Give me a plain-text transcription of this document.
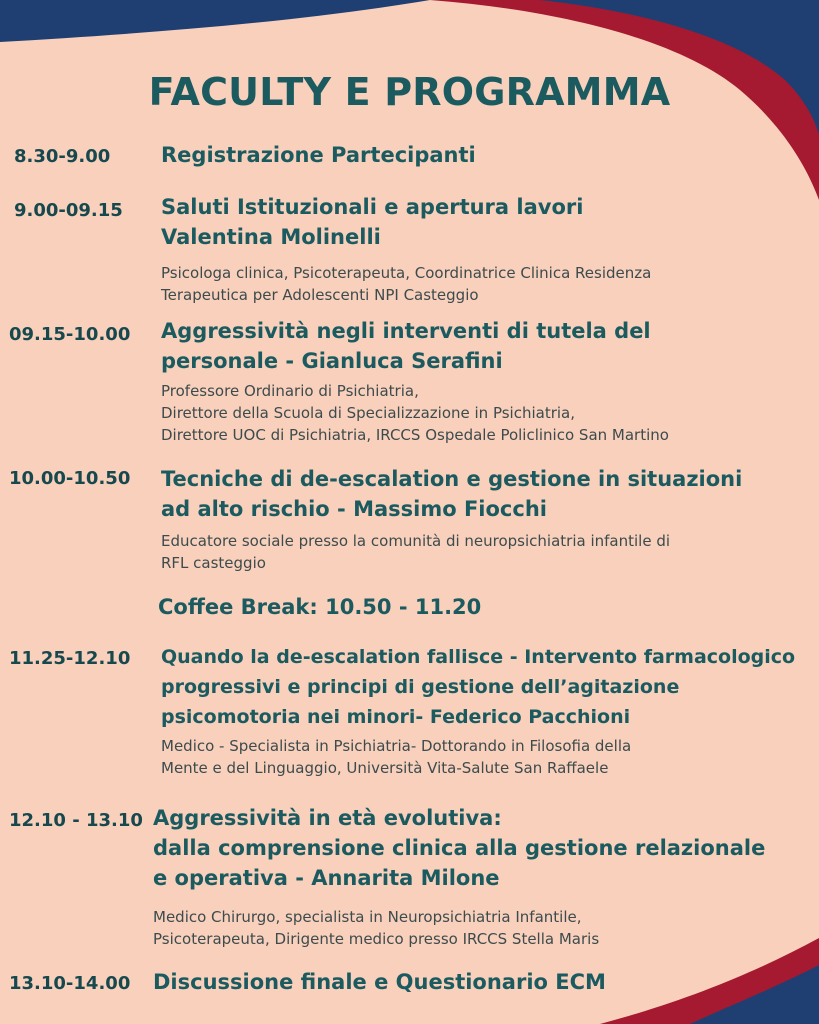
FACULTY E PROGRAMMA
8.30-9.00 Registrazione Partecipanti
9.00-09.15 Saluti Istituzionali e apertura lavori
Valentina Molinelli
Psicologa clinica, Psicoterapeuta, Coordinatrice Clinica Residenza
Terapeutica per Adolescenti NPI Casteggio
09.15-10.00 Aggressività negli interventi di tutela del
personale - Gianluca Serafini
Professore Ordinario di Psichiatria,
Direttore della Scuola di Specializzazione in Psichiatria,
Direttore UOC di Psichiatria, IRCCS Ospedale Policlinico San Martino
10.00-10.50 Tecniche di de-escalation e gestione in situazioni
ad alto rischio - Massimo Fiocchi
Educatore sociale presso la comunità di neuropsichiatria infantile di
RFL casteggio
Coffee Break: 10.50 - 11.20
11.25-12.10 Quando la de-escalation fallisce - Intervento farmacologico
progressivi e principi di gestione dell’agitazione
psicomotoria nei minori- Federico Pacchioni
Medico - Specialista in Psichiatria- Dottorando in Filosofia della
Mente e del Linguaggio, Università Vita-Salute San Raffaele
12.10 - 13.10 Aggressività in età evolutiva:
dalla comprensione clinica alla gestione relazionale
e operativa - Annarita Milone
Medico Chirurgo, specialista in Neuropsichiatria Infantile,
Psicoterapeuta, Dirigente medico presso IRCCS Stella Maris
13.10-14.00 Discussione finale e Questionario ECM
